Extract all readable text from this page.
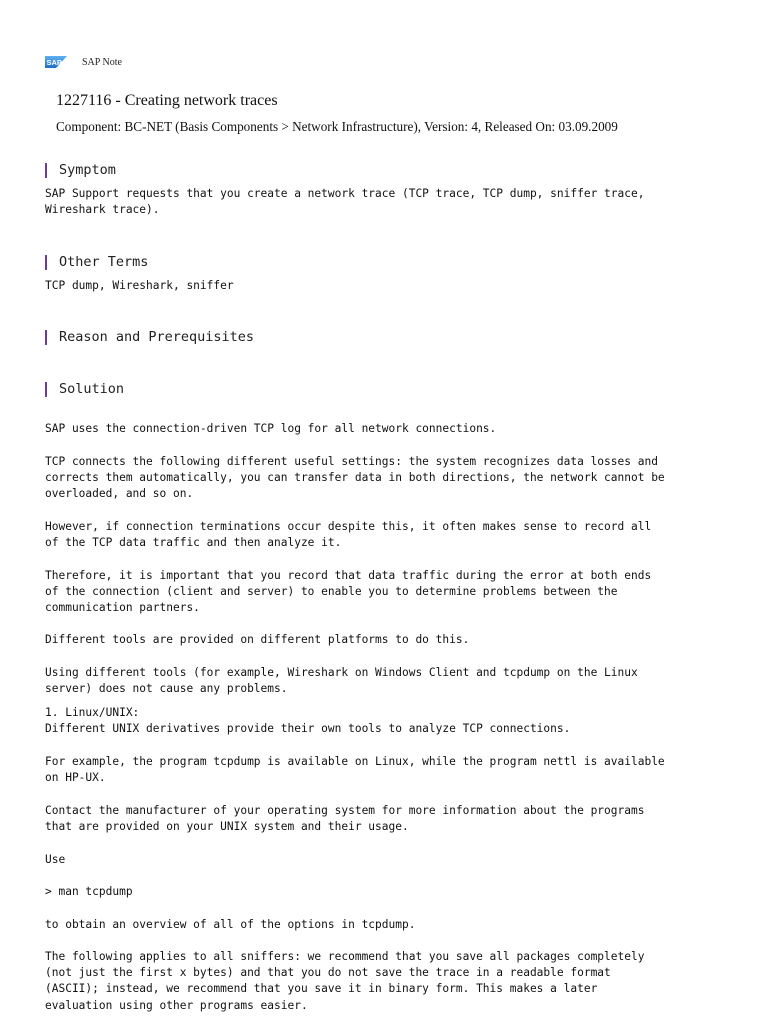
SAP SAP Note
1227116 - Creating network traces
Component: BC-NET (Basis Components > Network Infrastructure), Version: 4, Released On: 03.09.2009
Symptom
SAP Support requests that you create a network trace (TCP trace, TCP dump, sniffer trace,
Wireshark trace).
Other Terms
TCP dump, Wireshark, sniffer
Reason and Prerequisites
Solution
SAP uses the connection-driven TCP log for all network connections.
TCP connects the following different useful settings: the system recognizes data losses and
corrects them automatically, you can transfer data in both directions, the network cannot be
overloaded, and so on.
However, if connection terminations occur despite this, it often makes sense to record all
of the TCP data traffic and then analyze it.
Therefore, it is important that you record that data traffic during the error at both ends
of the connection (client and server) to enable you to determine problems between the
communication partners.
Different tools are provided on different platforms to do this.
Using different tools (for example, Wireshark on Windows Client and tcpdump on the Linux
server) does not cause any problems.
1. Linux/UNIX:
Different UNIX derivatives provide their own tools to analyze TCP connections.
For example, the program tcpdump is available on Linux, while the program nettl is available
on HP-UX.
Contact the manufacturer of your operating system for more information about the programs
that are provided on your UNIX system and their usage.
Use
> man tcpdump
to obtain an overview of all of the options in tcpdump.
The following applies to all sniffers: we recommend that you save all packages completely
(not just the first x bytes) and that you do not save the trace in a readable format
(ASCII); instead, we recommend that you save it in binary form. This makes a later
evaluation using other programs easier.
